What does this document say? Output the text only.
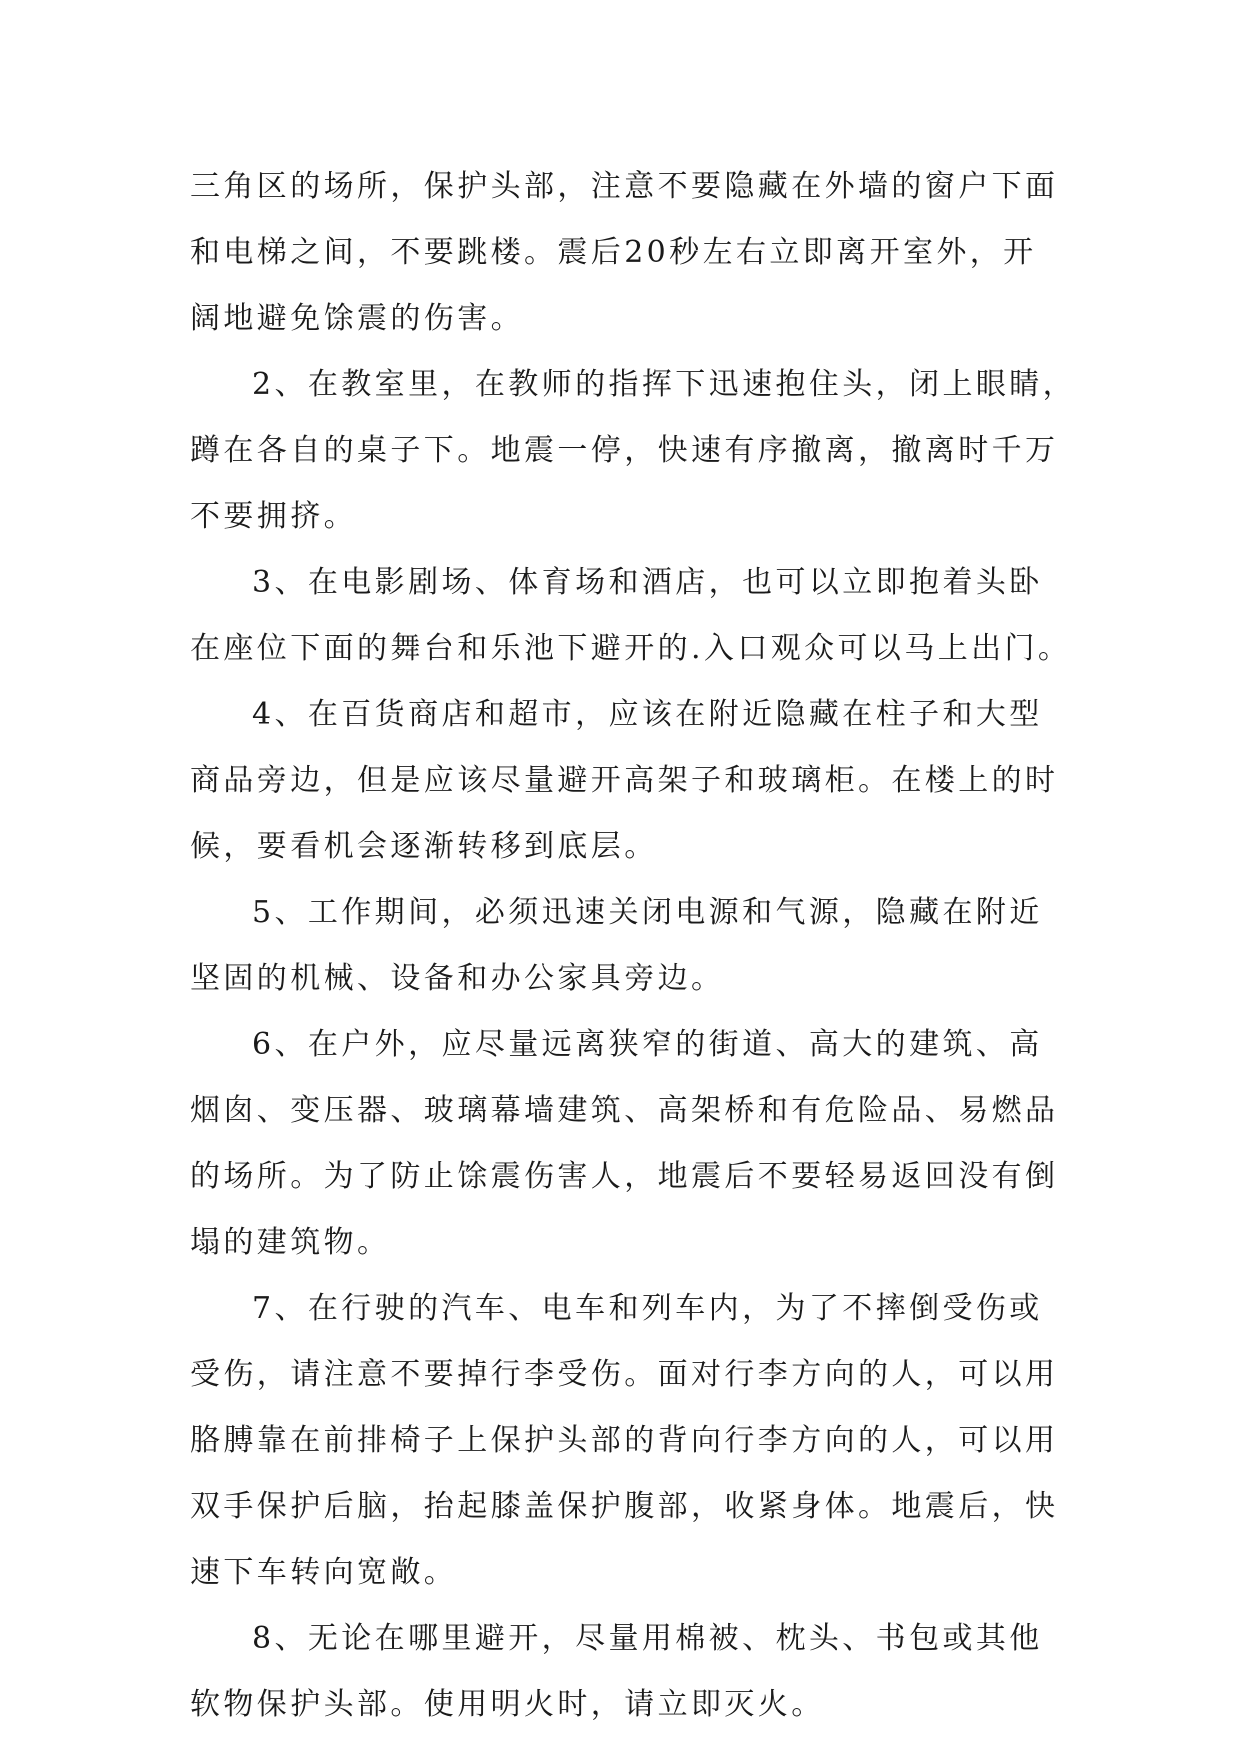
三角区的场所，保护头部，注意不要隐藏在外墙的窗户下面
和电梯之间，不要跳楼。震后20秒左右立即离开室外，开
阔地避免馀震的伤害。
2、在教室里，在教师的指挥下迅速抱住头，闭上眼睛，
蹲在各自的桌子下。地震一停，快速有序撤离，撤离时千万
不要拥挤。
3、在电影剧场、体育场和酒店，也可以立即抱着头卧
在座位下面的舞台和乐池下避开的.入口观众可以马上出门。
4、在百货商店和超市，应该在附近隐藏在柱子和大型
商品旁边，但是应该尽量避开高架子和玻璃柜。在楼上的时
候，要看机会逐渐转移到底层。
5、工作期间，必须迅速关闭电源和气源，隐藏在附近
坚固的机械、设备和办公家具旁边。
6、在户外，应尽量远离狭窄的街道、高大的建筑、高
烟囱、变压器、玻璃幕墙建筑、高架桥和有危险品、易燃品
的场所。为了防止馀震伤害人，地震后不要轻易返回没有倒
塌的建筑物。
7、在行驶的汽车、电车和列车内，为了不摔倒受伤或
受伤，请注意不要掉行李受伤。面对行李方向的人，可以用
胳膊靠在前排椅子上保护头部的背向行李方向的人，可以用
双手保护后脑，抬起膝盖保护腹部，收紧身体。地震后，快
速下车转向宽敞。
8、无论在哪里避开，尽量用棉被、枕头、书包或其他
软物保护头部。使用明火时，请立即灭火。
